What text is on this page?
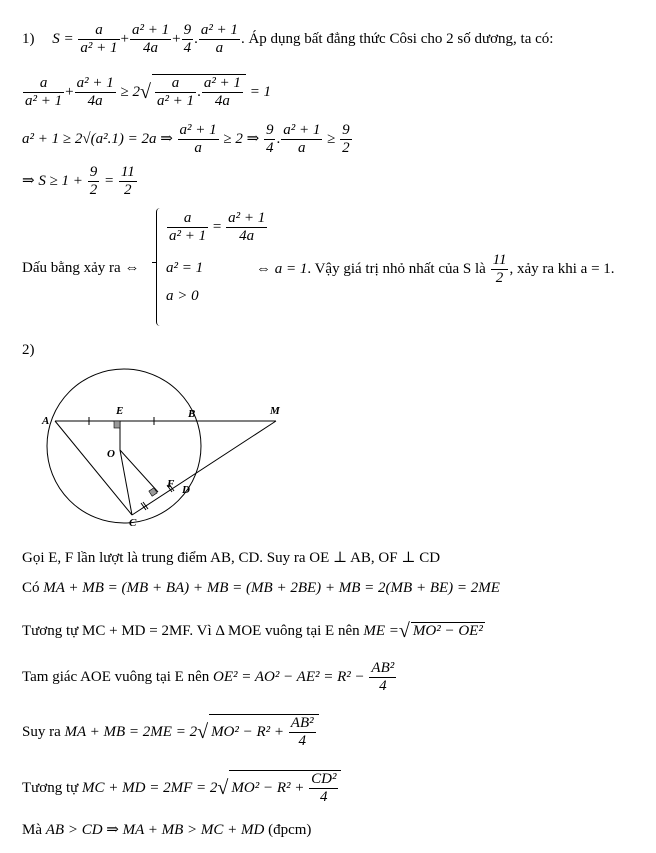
1) $S = \frac{a}{\text{a² + 1}} + \frac{\text{a² + 1}}{4a} + \frac{9}{4}$ . $\frac{\text{a² + 1}}{a}$ . Áp dụng bất đẳng thức Côsi cho 2 số dương, ta có:
$\frac{a}{\text{a² + 1}} + \frac{\text{a² + 1}}{4a} \ge 2√ \frac{a}{\text{a² + 1}}$ . $\frac{\text{a² + 1}}{4a} = 1$
a² + 1 ≥ 2√(a².1) = 2a ⇒ $\frac{\text{a² + 1}}{a} \ge 2$ ⇒ $\frac{9}{4}$ . $\frac{\text{a² + 1}}{a} \ge \frac{9}{2}$
⇒ $S \ge 1 + \frac{9}{2} = \frac{11}{2}$
Dấu bằng xảy ra ⇔
$\frac{a}{\text{a² + 1}} = \frac{\text{a² + 1}}{4a}$
a² = 1
a > 0
⇔ a = 1. Vậy giá trị nhỏ nhất của S là $\frac{11}{2}$ , xảy ra khi a = 1.
2)
A
E	B	M
O
F D
C
Gọi E, F lần lượt là trung điểm AB, CD. Suy ra OE ⊥ AB, OF ⊥ CD
Có MA + MB = (MB + BA) + MB = (MB + 2BE) + MB = 2(MB + BE) = 2ME
Tương tự MC + MD = 2MF. Vì Δ MOE vuông tại E nên ME =√ MO² − OE²
Tam giác AOE vuông tại E nên $OE^2 = AO^2 - AE^2 = R^2 - \frac{\text{AB²}}{4}$
Suy ra MA + MB = 2ME = 2√ $MO^2 - R^2 + \frac{\text{AB²}}{4}$
Tương tự MC + MD = 2MF = 2√ $MO^2 - R^2 + \frac{\text{CD²}}{4}$
Mà AB > CD ⇒ MA + MB > MC + MD (đpcm)
